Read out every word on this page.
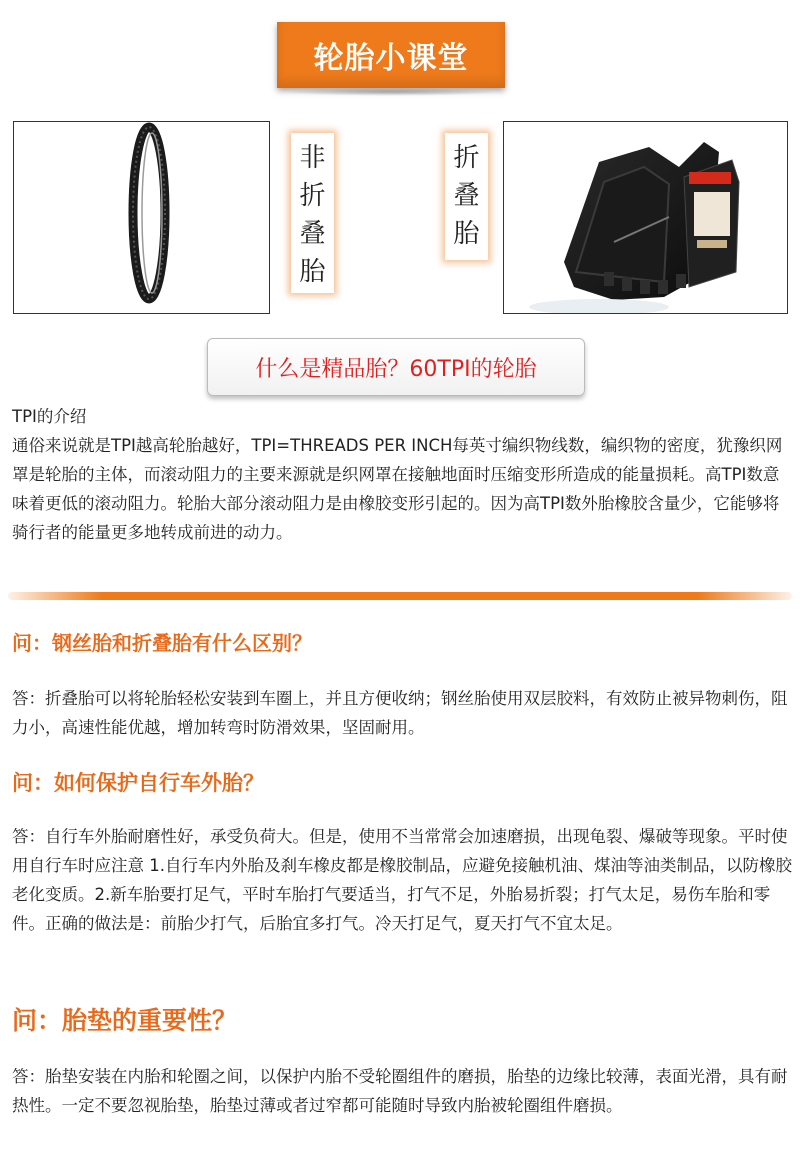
轮胎小课堂
非
折
叠
胎
折
叠
胎
什么是精品胎？60TPI的轮胎

TPI的介绍

通俗来说就是TPI越高轮胎越好，TPI=THREADS PER INCH每英寸编织物线数，编织物的密度，犹豫织网罩是轮胎的主体，而滚动阻力的主要来源就是织网罩在接触地面时压缩变形所造成的能量损耗。高TPI数意味着更低的滚动阻力。轮胎大部分滚动阻力是由橡胶变形引起的。因为高TPI数外胎橡胶含量少，它能够将骑行者的能量更多地转成前进的动力。

问：钢丝胎和折叠胎有什么区别？

答：折叠胎可以将轮胎轻松安装到车圈上，并且方便收纳；钢丝胎使用双层胶料，有效防止被异物刺伤，阻力小，高速性能优越，增加转弯时防滑效果，坚固耐用。

问：如何保护自行车外胎？

答：自行车外胎耐磨性好，承受负荷大。但是，使用不当常常会加速磨损，出现龟裂、爆破等现象。平时使用自行车时应注意 1.自行车内外胎及刹车橡皮都是橡胶制品，应避免接触机油、煤油等油类制品，以防橡胶老化变质。2.新车胎要打足气，平时车胎打气要适当，打气不足，外胎易折裂；打气太足，易伤车胎和零件。正确的做法是：前胎少打气，后胎宜多打气。冷天打足气，夏天打气不宜太足。

问：胎垫的重要性？

答：胎垫安装在内胎和轮圈之间，以保护内胎不受轮圈组件的磨损，胎垫的边缘比较薄，表面光滑，具有耐热性。一定不要忽视胎垫，胎垫过薄或者过窄都可能随时导致内胎被轮圈组件磨损。
